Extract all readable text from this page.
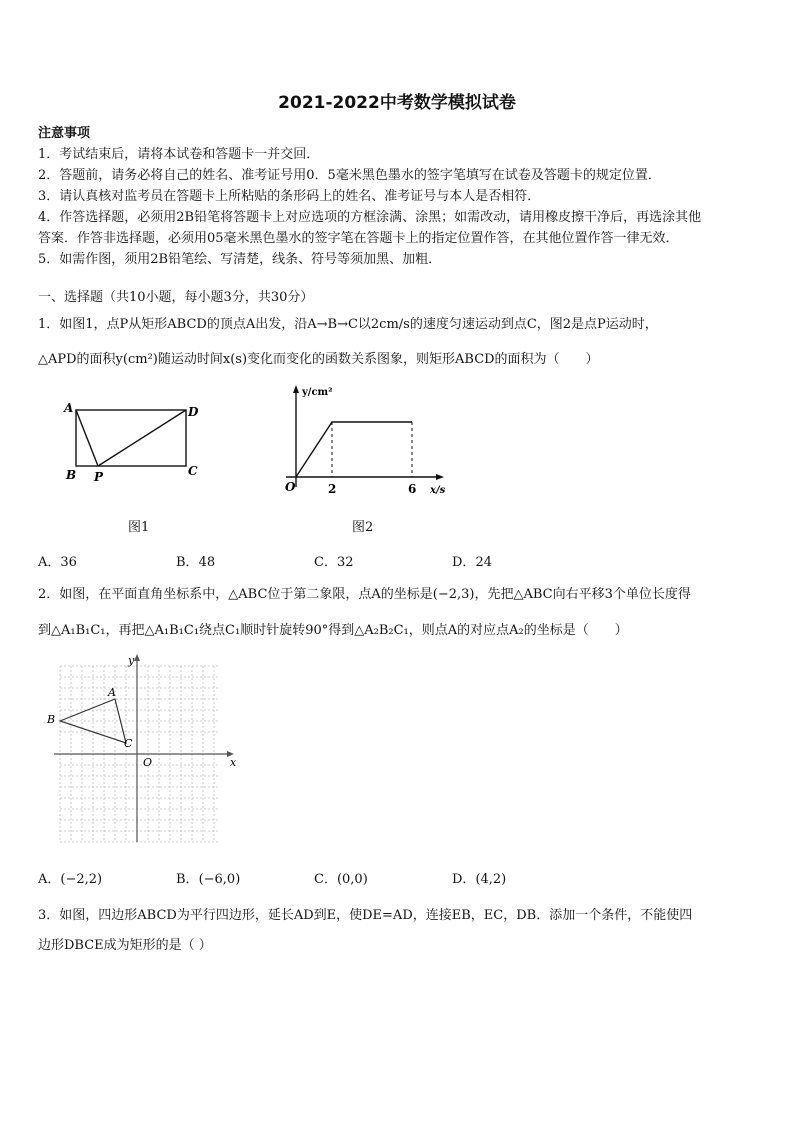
2021-2022中考数学模拟试卷
注意事项
1．考试结束后，请将本试卷和答题卡一并交回．
2．答题前，请务必将自己的姓名、准考证号用0．5毫米黑色墨水的签字笔填写在试卷及答题卡的规定位置．
3．请认真核对监考员在答题卡上所粘贴的条形码上的姓名、准考证号与本人是否相符．
4．作答选择题，必须用2B铅笔将答题卡上对应选项的方框涂满、涂黑；如需改动，请用橡皮擦干净后，再选涂其他
答案．作答非选择题，必须用05毫米黑色墨水的签字笔在答题卡上的指定位置作答，在其他位置作答一律无效．
5．如需作图，须用2B铅笔绘、写清楚，线条、符号等须加黑、加粗．
一、选择题（共10小题，每小题3分，共30分）
1．如图1，点P从矩形ABCD的顶点A出发，沿A→B→C以2cm/s的速度匀速运动到点C，图2是点P运动时，
△APD的面积y(cm²)随运动时间x(s)变化而变化的函数关系图象，则矩形ABCD的面积为（　　）
A	D
B P	C
图1
y/cm²
x/s
O	2	6
图2
A．36	B．48	C．32	D．24
2．如图，在平面直角坐标系中，△ABC位于第二象限，点A的坐标是(−2,3)，先把△ABC向右平移3个单位长度得
到△A₁B₁C₁，再把△A₁B₁C₁绕点C₁顺时针旋转90°得到△A₂B₂C₁，则点A的对应点A₂的坐标是（　　）
A
B
C
O	x
y
A．(−2,2)	B．(−6,0)	C．(0,0)	D．(4,2)
3．如图，四边形ABCD为平行四边形，延长AD到E，使DE=AD，连接EB，EC，DB．添加一个条件，不能使四
边形DBCE成为矩形的是（ ）
